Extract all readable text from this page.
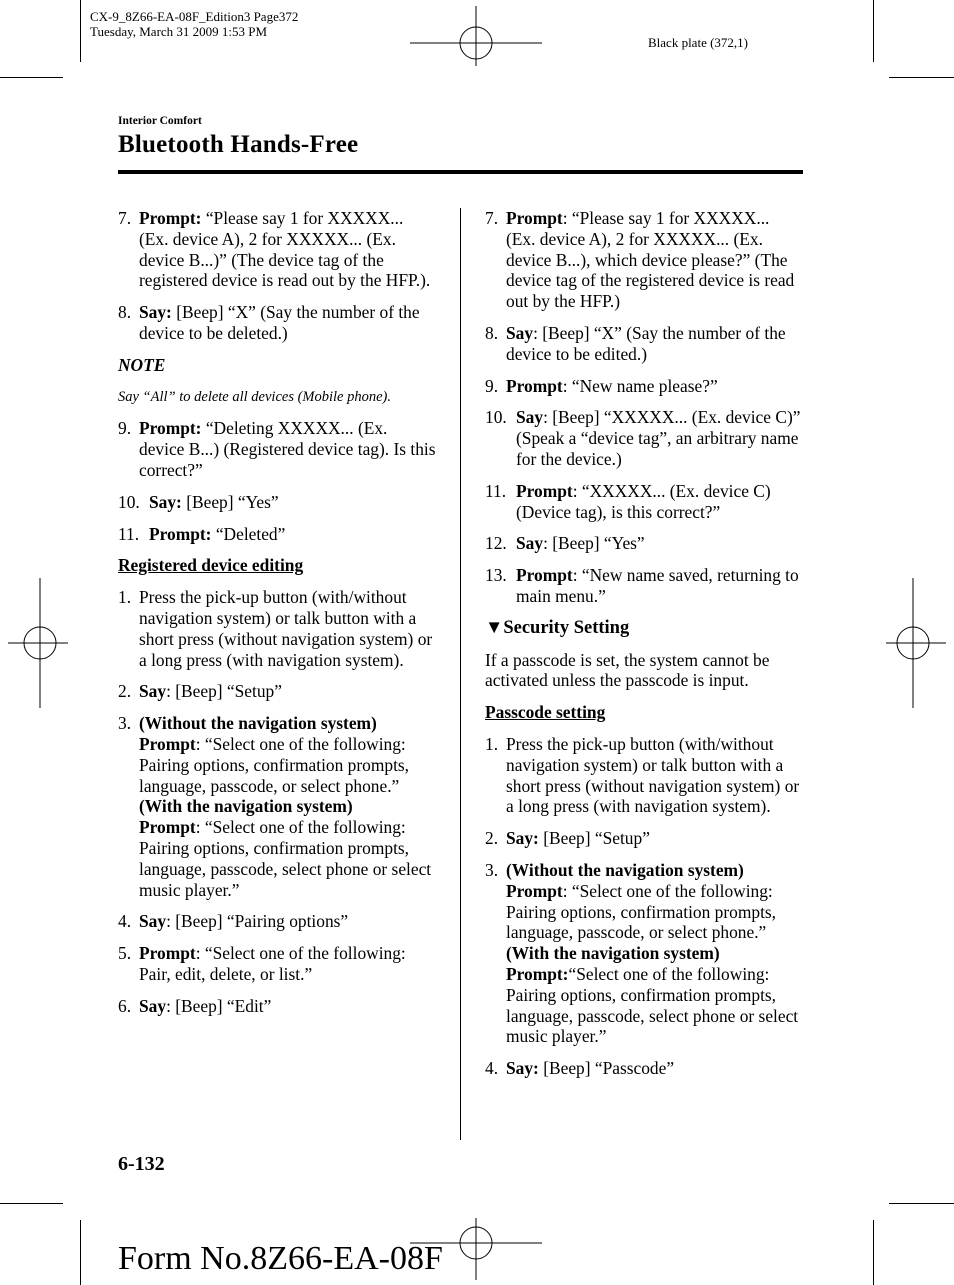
CX-9_8Z66-EA-08F_Edition3 Page372
Tuesday, March 31 2009 1:53 PM
Black plate (372,1)
Interior Comfort
Bluetooth Hands-Free
7. Prompt: “Please say 1 for XXXXX... (Ex. device A), 2 for XXXXX... (Ex. device B...)” (The device tag of the registered device is read out by the HFP.).
8. Say: [Beep] “X” (Say the number of the device to be deleted.)

NOTE

Say “All” to delete all devices (Mobile phone).

9. Prompt: “Deleting XXXXX... (Ex. device B...) (Registered device tag). Is this correct?”
10. Say: [Beep] “Yes”
11. Prompt: “Deleted”

Registered device editing

1. Press the pick-up button (with/without navigation system) or talk button with a short press (without navigation system) or a long press (with navigation system).
2. Say: [Beep] “Setup”
3. (Without the navigation system)
Prompt: “Select one of the following: Pairing options, confirmation prompts, language, passcode, or select phone.”
(With the navigation system)
Prompt: “Select one of the following: Pairing options, confirmation prompts, language, passcode, select phone or select music player.”
4. Say: [Beep] “Pairing options”
5. Prompt: “Select one of the following: Pair, edit, delete, or list.”
6. Say: [Beep] “Edit”
7. Prompt: “Please say 1 for XXXXX... (Ex. device A), 2 for XXXXX... (Ex. device B...), which device please?” (The device tag of the registered device is read out by the HFP.)
8. Say: [Beep] “X” (Say the number of the device to be edited.)
9. Prompt: “New name please?”
10. Say: [Beep] “XXXXX... (Ex. device C)” (Speak a “device tag”, an arbitrary name for the device.)
11. Prompt: “XXXXX... (Ex. device C) (Device tag), is this correct?”
12. Say: [Beep] “Yes”
13. Prompt: “New name saved, returning to main menu.”

▼Security Setting

If a passcode is set, the system cannot be activated unless the passcode is input.

Passcode setting

1. Press the pick-up button (with/without navigation system) or talk button with a short press (without navigation system) or a long press (with navigation system).
2. Say: [Beep] “Setup”
3. (Without the navigation system)
Prompt: “Select one of the following: Pairing options, confirmation prompts, language, passcode, or select phone.”
(With the navigation system)
Prompt:“Select one of the following: Pairing options, confirmation prompts, language, passcode, select phone or select music player.”
4. Say: [Beep] “Passcode”
6-132
Form No.8Z66-EA-08F
